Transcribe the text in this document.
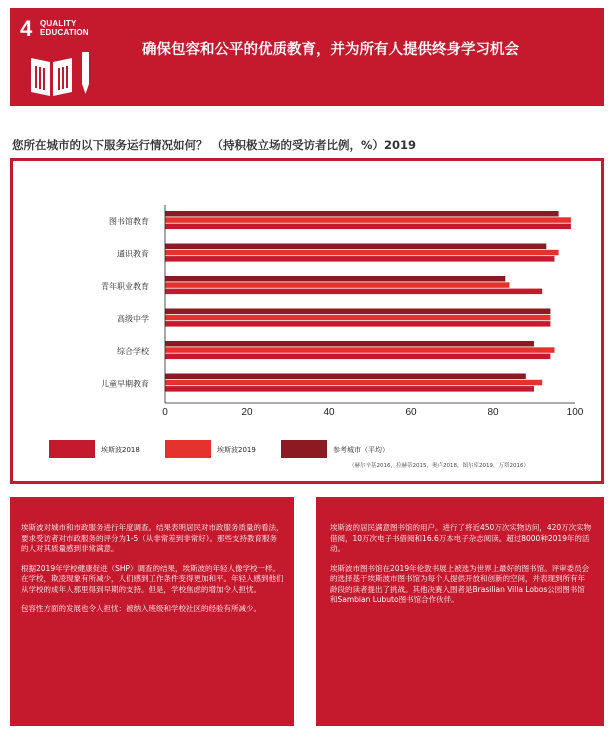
4 QUALITY
EDUCATION
确保包容和公平的优质教育，并为所有人提供终身学习机会
您所在城市的以下服务运行情况如何？ （持积极立场的受访者比例，%）2019
图书馆教育
通识教育
青年职业教育
高级中学
综合学校
儿童早期教育
0	20	40	60	80	100
埃斯波2018	埃斯波2019	参考城市（平均）
（赫尔辛基2016，拉赫蒂2015，奥卢2018，图尔库2019，万塔2016）

埃斯波对城市和市政服务进行年度调查。结果表明居民对市政服务质量的看法，要求受访者对市政服务的评分为1-5（从非常差到非常好）。那些支持教育服务的人对其质量感到非常满意。

根据2019年学校健康促进（SHP）调查的结果，埃斯波的年轻人像学校一样。在学校，欺凌现象有所减少，人们感到工作条件变得更加和平。年轻人感到他们从学校的成年人那里得到早期的支持。但是，学校焦虑的增加令人担忧。

包容性方面的发展也令人担忧：被纳入班级和学校社区的经验有所减少。

埃斯波的居民满意图书馆的用户。进行了将近450万次实物访问，420万次实物借阅，10万次电子书借阅和16.6万本电子杂志阅读。超过8000种2019年的活动。

埃斯波市图书馆在2019年伦敦书展上被选为世界上最好的图书馆。评审委员会的选择基于埃斯波市图书馆为每个人提供开放和创新的空间，并表现到所有年龄段的读者提出了挑战。其他决赛入围者是Brasilian Villa Lobos公园图书馆和Sambian Lubuto图书馆合作伙伴。
